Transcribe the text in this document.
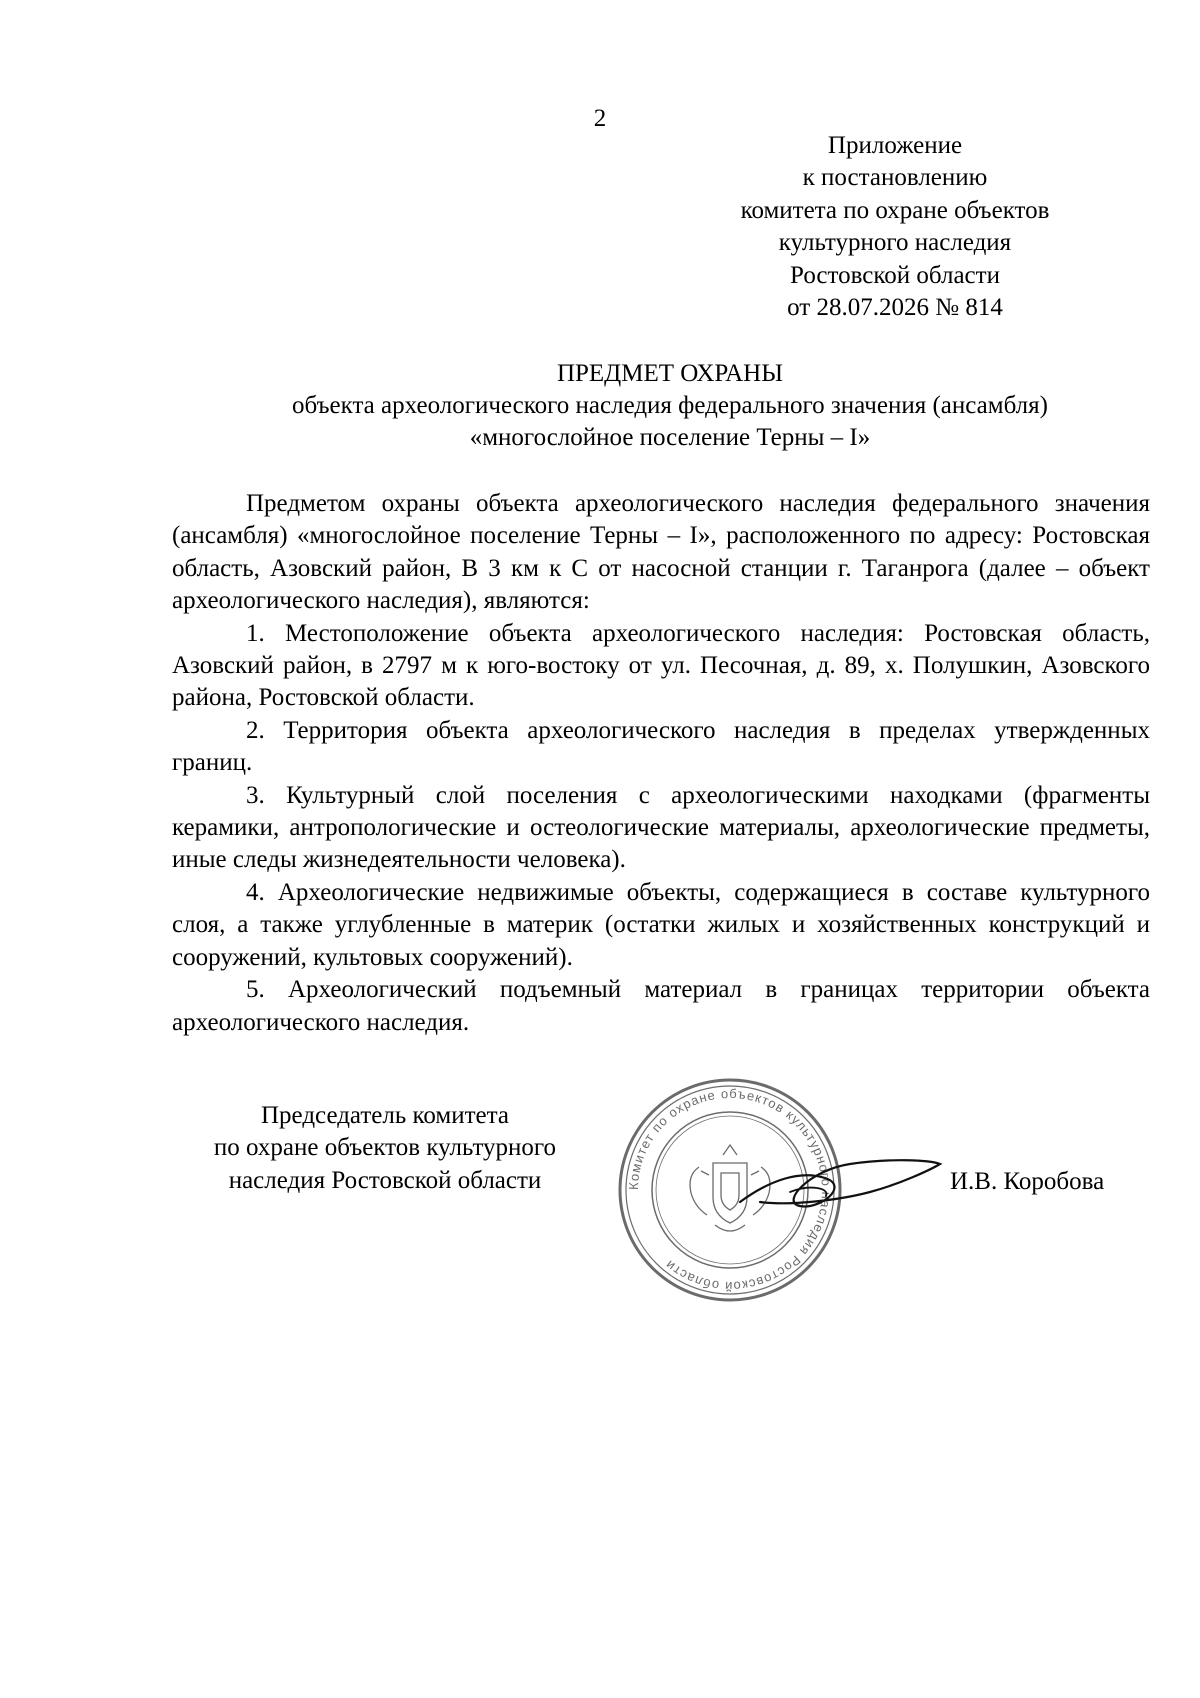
2
Приложение
к постановлению
комитета по охране объектов
культурного наследия
Ростовской области
от 28.07.2026 № 814
ПРЕДМЕТ ОХРАНЫ
объекта археологического наследия федерального значения (ансамбля)
«многослойное поселение Терны – I»

Предметом охраны объекта археологического наследия федерального значения (ансамбля) «многослойное поселение Терны – I», расположенного по адресу: Ростовская область, Азовский район, В 3 км к С от насосной станции г. Таганрога (далее – объект археологического наследия), являются:

1. Местоположение объекта археологического наследия: Ростовская область, Азовский район, в 2797 м к юго-востоку от ул. Песочная, д. 89, х. Полушкин, Азовского района, Ростовской области.

2. Территория объекта археологического наследия в пределах утвержденных границ.

3. Культурный слой поселения с археологическими находками (фрагменты керамики, антропологические и остеологические материалы, археологические предметы, иные следы жизнедеятельности человека).

4. Археологические недвижимые объекты, содержащиеся в составе культурного слоя, а также углубленные в материк (остатки жилых и хозяйственных конструкций и сооружений, культовых сооружений).

5. Археологический подъемный материал в границах территории объекта археологического наследия.

Председатель комитета
по охране объектов культурного
наследия Ростовской области	Комитет по охране объектов культурного наследия Ростовской области
И.В. Коробова
